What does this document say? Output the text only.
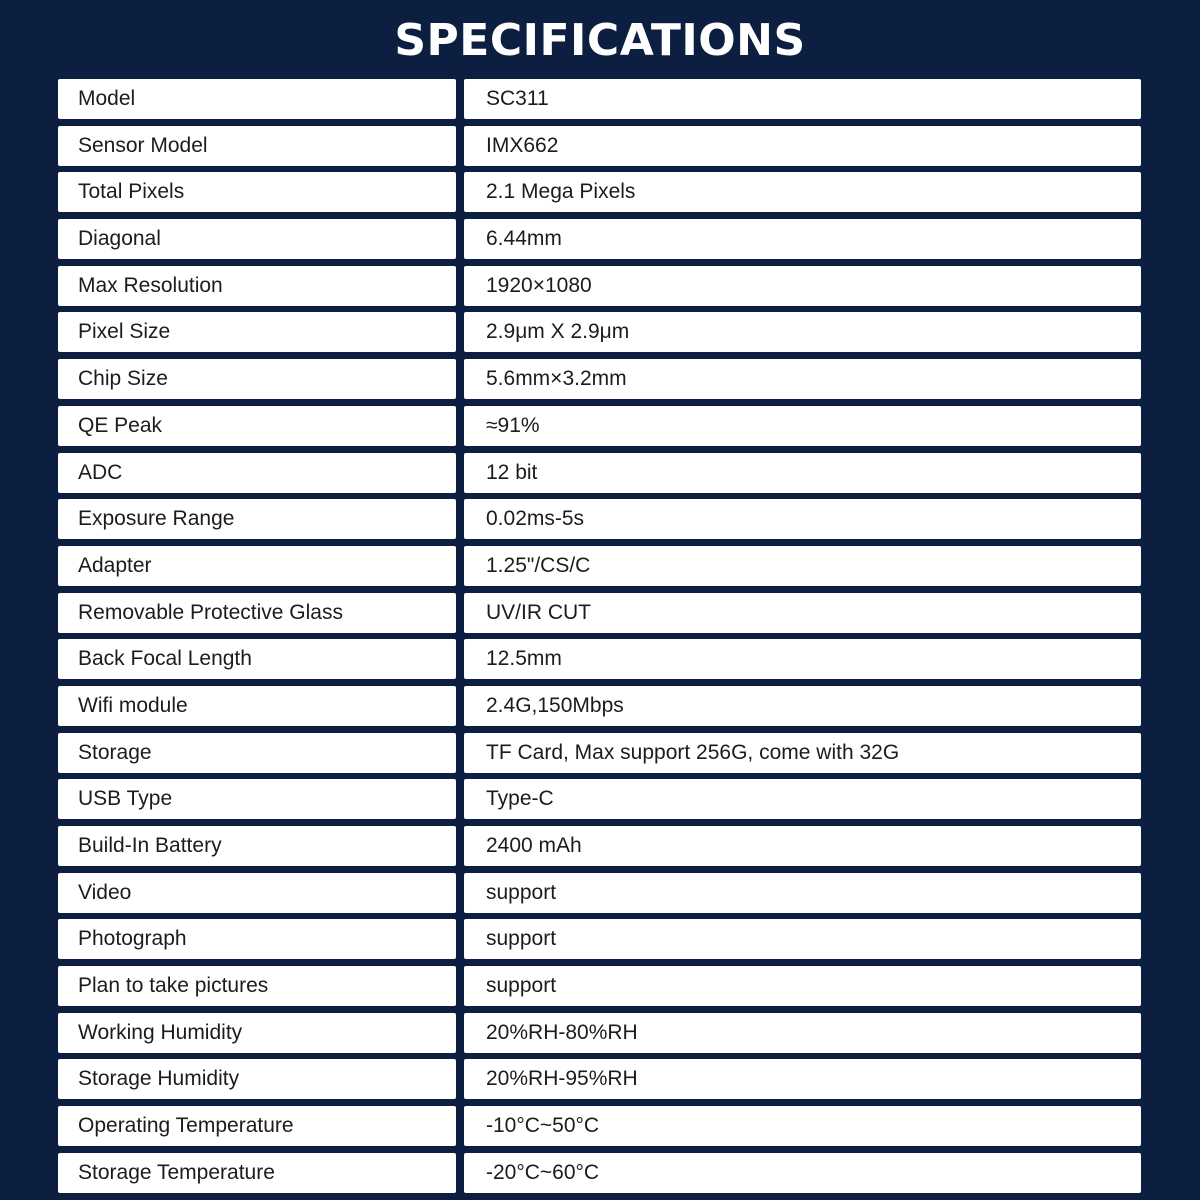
SPECIFICATIONS
Model	SC311
Sensor Model	IMX662
Total Pixels	2.1 Mega Pixels
Diagonal	6.44mm
Max Resolution	1920×1080
Pixel Size	2.9μm X 2.9μm
Chip Size	5.6mm×3.2mm
QE Peak	≈91%
ADC	12 bit
Exposure Range	0.02ms-5s
Adapter	1.25"/CS/C
Removable Protective Glass	UV/IR CUT
Back Focal Length	12.5mm
Wifi module	2.4G,150Mbps
Storage	TF Card, Max support 256G, come with 32G
USB Type	Type-C
Build-In Battery	2400 mAh
Video	support
Photograph	support
Plan to take pictures	support
Working Humidity	20%RH-80%RH
Storage Humidity	20%RH-95%RH
Operating Temperature	-10°C~50°C
Storage Temperature	-20°C~60°C
